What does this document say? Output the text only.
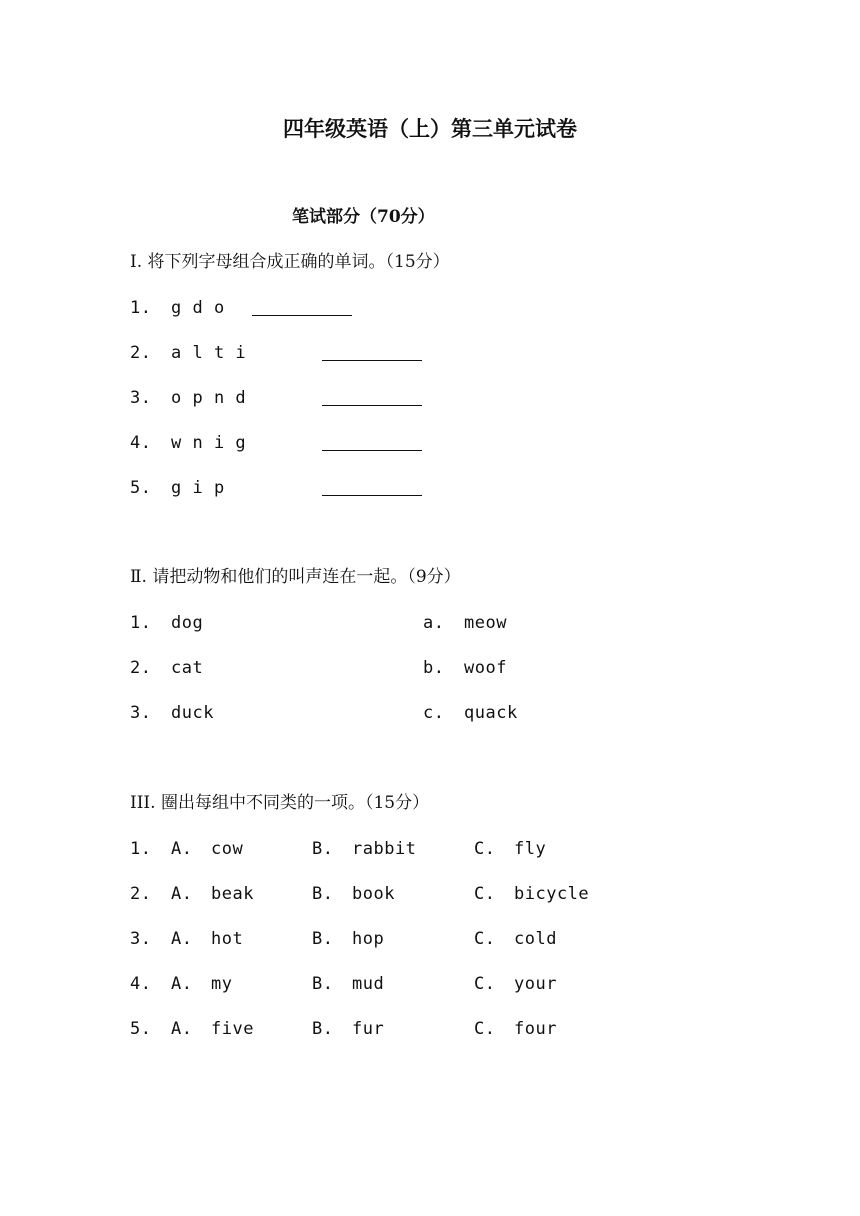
四年级英语（上）第三单元试卷
笔试部分（70分）
Ⅰ. 将下列字母组合成正确的单词。（15分）
1. g d o
2. a l t i
3. o p n d
4. w n i g
5. g i p
Ⅱ. 请把动物和他们的叫声连在一起。（9分）
1. dog	a. meow
2. cat	b. woof
3. duck	c. quack
III. 圈出每组中不同类的一项。（15分）
1. A. cow	B. rabbit	C. fly
2. A. beak	B. book	C. bicycle
3. A. hot	B. hop	C. cold
4. A. my	B. mud	C. your
5. A. five	B. fur	C. four
